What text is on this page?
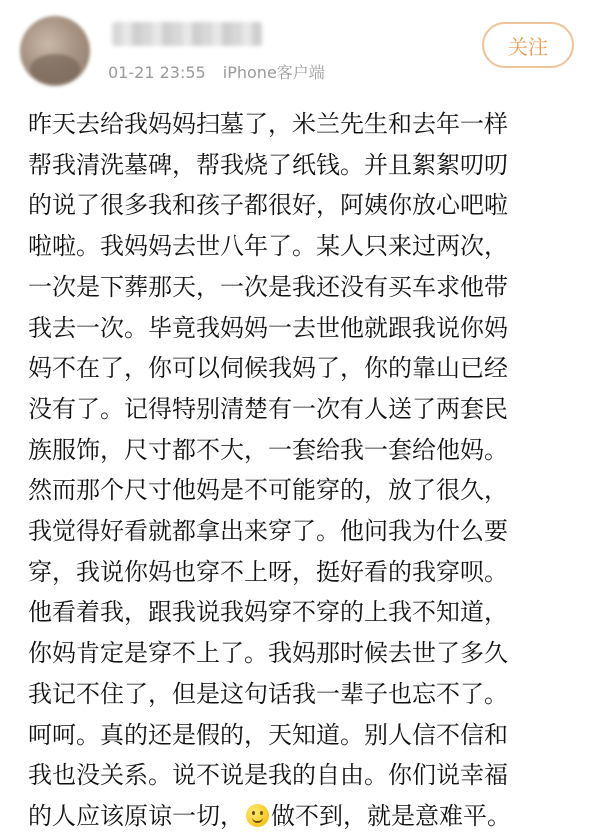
01-21 23:55 iPhone客户端
关注
昨天去给我妈妈扫墓了，米兰先生和去年一样
帮我清洗墓碑，帮我烧了纸钱。并且絮絮叨叨
的说了很多我和孩子都很好，阿姨你放心吧啦
啦啦。我妈妈去世八年了。某人只来过两次，
一次是下葬那天，一次是我还没有买车求他带
我去一次。毕竟我妈妈一去世他就跟我说你妈
妈不在了，你可以伺候我妈了，你的靠山已经
没有了。记得特别清楚有一次有人送了两套民
族服饰，尺寸都不大，一套给我一套给他妈。
然而那个尺寸他妈是不可能穿的，放了很久，
我觉得好看就都拿出来穿了。他问我为什么要
穿，我说你妈也穿不上呀，挺好看的我穿呗。
他看着我，跟我说我妈穿不穿的上我不知道，
你妈肯定是穿不上了。我妈那时候去世了多久
我记不住了，但是这句话我一辈子也忘不了。
呵呵。真的还是假的，天知道。别人信不信和
我也没关系。说不说是我的自由。你们说幸福
的人应该原谅一切， 做不到，就是意难平。
